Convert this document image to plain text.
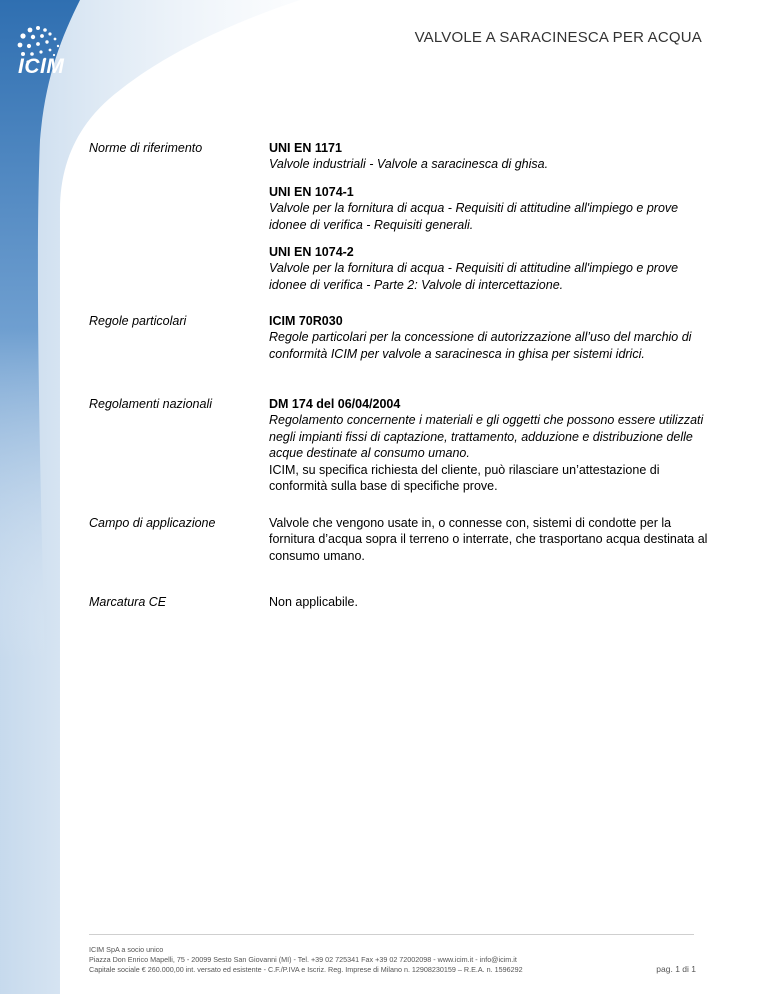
ICIM
VALVOLE A SARACINESCA PER ACQUA
Norme di riferimento	UNI EN 1171
Valvole industriali - Valvole a saracinesca di ghisa.
UNI EN 1074-1
Valvole per la fornitura di acqua - Requisiti di attitudine all'impiego e prove idonee di verifica - Requisiti generali.
UNI EN 1074-2
Valvole per la fornitura di acqua - Requisiti di attitudine all'impiego e prove idonee di verifica - Parte 2: Valvole di intercettazione.
Regole particolari	ICIM 70R030
Regole particolari per la concessione di autorizzazione all’uso del marchio di conformità ICIM per valvole a saracinesca in ghisa per sistemi idrici.
Regolamenti nazionali	DM 174 del 06/04/2004
Regolamento concernente i materiali e gli oggetti che possono essere utilizzati negli impianti fissi di captazione, trattamento, adduzione e distribuzione delle acque destinate al consumo umano.
ICIM, su specifica richiesta del cliente, può rilasciare un’attestazione di conformità sulla base di specifiche prove.
Campo di applicazione	Valvole che vengono usate in, o connesse con, sistemi di condotte per la fornitura d’acqua sopra il terreno o interrate, che trasportano acqua destinata al consumo umano.
Marcatura CE	Non applicabile.
ICIM SpA a socio unico
Piazza Don Enrico Mapelli, 75 - 20099 Sesto San Giovanni (MI) - Tel. +39 02 725341 Fax +39 02 72002098 - www.icim.it - info@icim.it
Capitale sociale € 260.000,00 int. versato ed esistente - C.F./P.IVA e Iscriz. Reg. Imprese di Milano n. 12908230159 – R.E.A. n. 1596292	pag. 1 di 1
